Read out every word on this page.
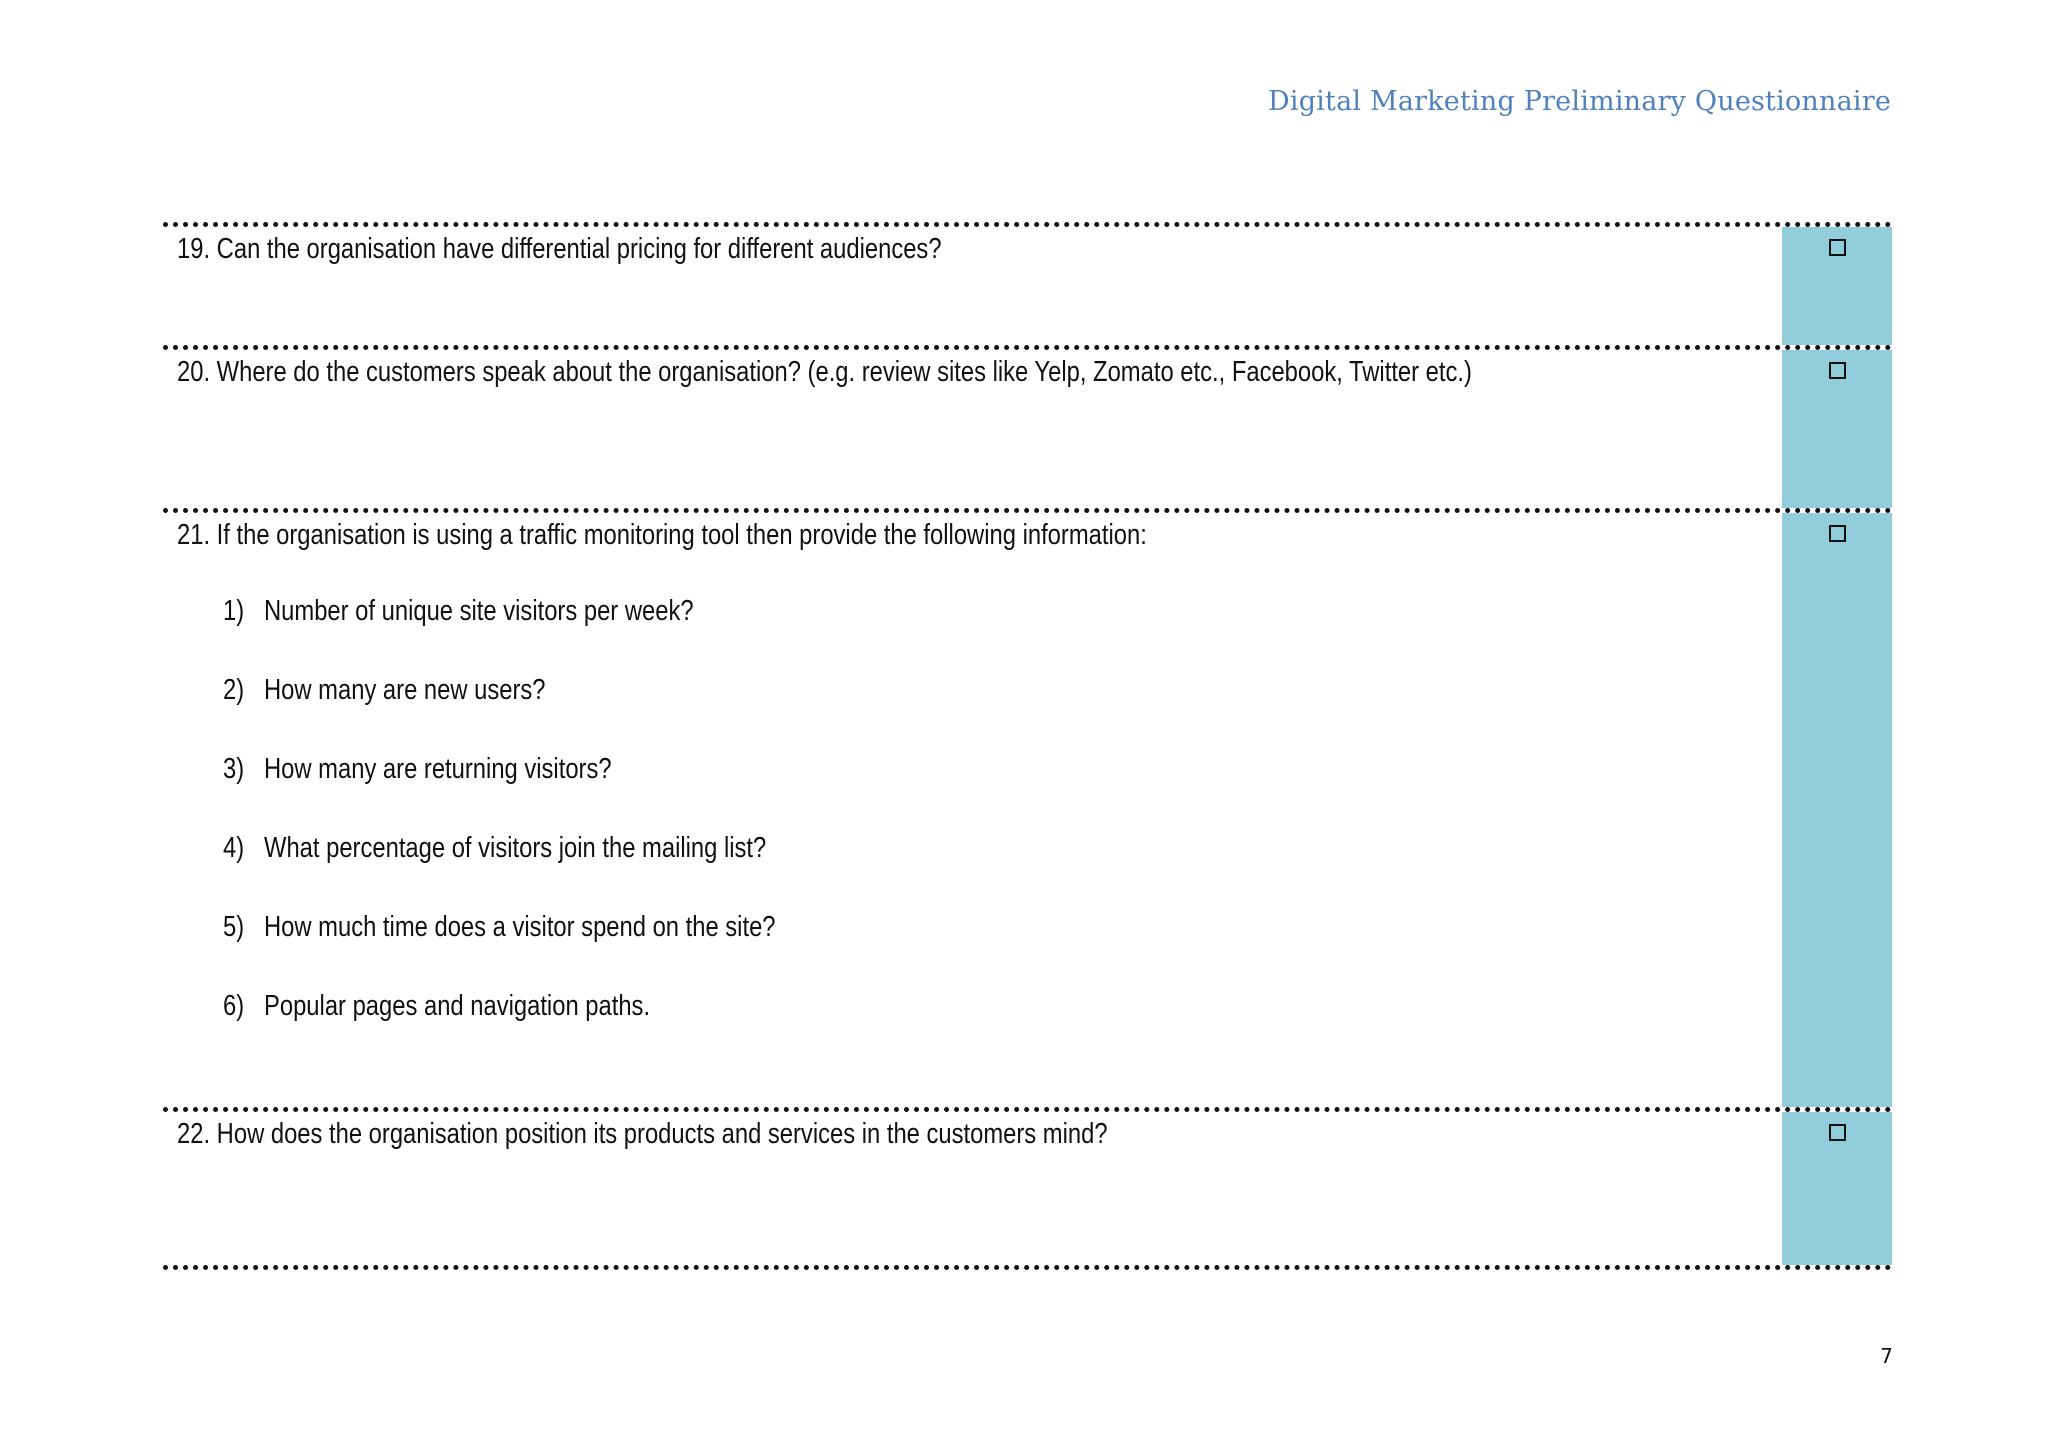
Digital Marketing Preliminary Questionnaire
19. Can the organisation have differential pricing for different audiences?
20. Where do the customers speak about the organisation? (e.g. review sites like Yelp, Zomato etc., Facebook, Twitter etc.)
21. If the organisation is using a traffic monitoring tool then provide the following information:
1) Number of unique site visitors per week?
2) How many are new users?
3) How many are returning visitors?
4) What percentage of visitors join the mailing list?
5) How much time does a visitor spend on the site?
6) Popular pages and navigation paths.
22. How does the organisation position its products and services in the customers mind?
7
